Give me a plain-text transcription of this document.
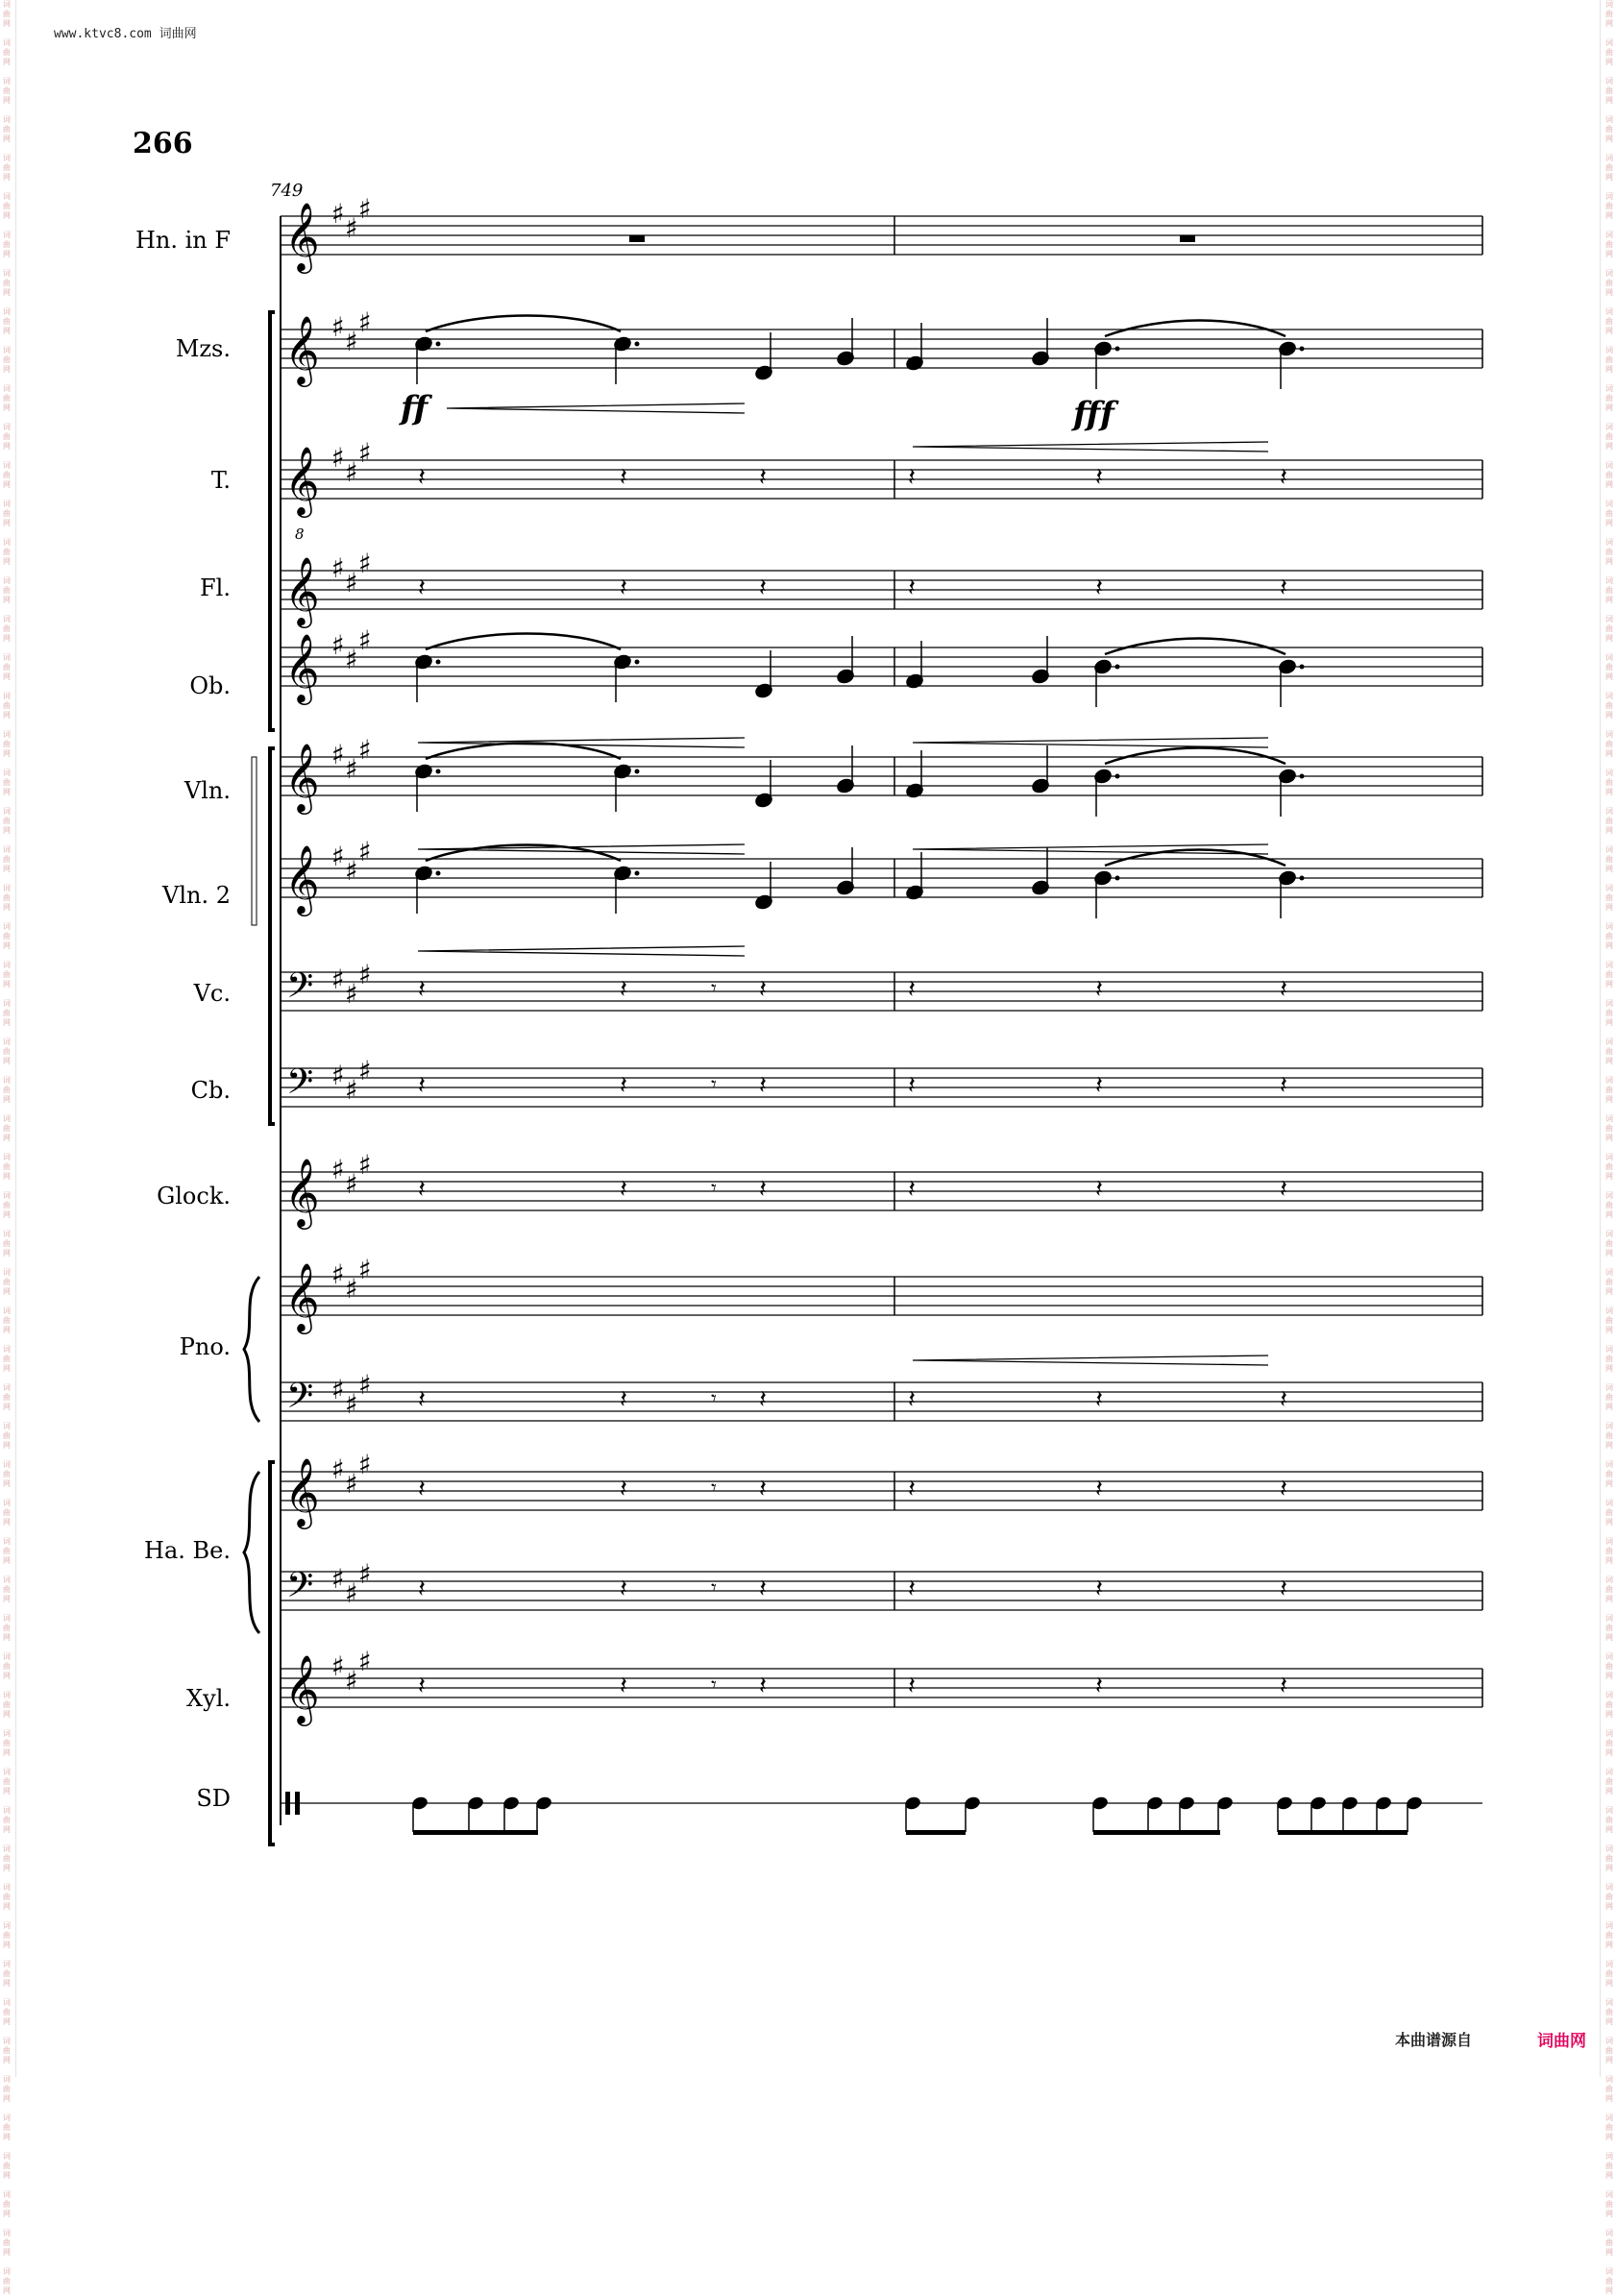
词
曲
网

词
曲
网

词
曲
网

词
曲
网

词
曲
网

词
曲
网

词
曲
网

词
曲
网

词
曲
网

词
曲
网

词
曲
网

词
曲
网

词
曲
网

词
曲
网

词
曲
网

词
曲
网

词
曲
网

词
曲
网

词
曲
网

词
曲
网

词
曲
网

词
曲
网

词
曲
网

词
曲
网

词
曲
网

词
曲
网

词
曲
网

词
曲
网

词
曲
网

词
曲
网

词
曲
网

词
曲
网

词
曲
网

词
曲
网

词
曲
网

词
曲
网

词
曲
网

词
曲
网

词
曲
网

词
曲
网

词
曲
网

词
曲
网

词
曲
网

词
曲
网

词
曲
网

词
曲
网

词
曲
网

词
曲
网

词
曲
网

词
曲
网

词
曲
网

词
曲
网

词
曲
网

词
曲
网

词
曲
网

词
曲
网

词
曲
网

词
曲
网

词
曲
网

词
曲
网

词
曲
网

词
曲
网

词
曲
网

词
曲
网

词
曲
网

词
曲
网

词
曲
网

词
曲
网

词
曲
网

词
曲
网

词
曲
网

词
曲
网

词
曲
网

词
曲
网

词
曲
网

词
曲
网

词
曲
网

词
曲
网

词
曲
网

词
曲
网

词
曲
网

词
曲
网

词
曲
网

词
曲
网

词
曲
网

词
曲
网

词
曲
网

词
曲
网

词
曲
网

词
曲
网

词
曲
网

词
曲
网

词
曲
网

词
曲
网

词
曲
网

词
曲
网

词
曲
网

词
曲
网

词
曲
网

词
曲
网

词
曲
网

词
曲
网

词
曲
网

词
曲
网

词
曲
网

词
曲
网

词
曲
网

词
曲
网

词
曲
网

词
曲
网

词
曲
网

词
曲
网

词
曲
网

词
曲
网

词
曲
网

词
曲
网

词
曲
网

词
曲
网

词
曲
网

词
曲
网

www.ktvc8.com 词曲网
266
749
Hn. in F
Mzs.
T.
Fl.
Ob.
Vln.
Vln. 2
Vc.
Cb.
Glock.
Pno.
Ha. Be.
Xyl.
SD
𝄞 ♯ ♯
♯
𝄞 ♯ ♯
♯
𝄞
8
♯ ♯
♯
𝄞 ♯ ♯
♯
𝄞 ♯ ♯
♯
𝄞 ♯ ♯
♯
𝄞 ♯ ♯
♯
𝄢 ♯ ♯
♯
𝄢 ♯ ♯
♯
𝄞 ♯ ♯
♯
𝄞 ♯ ♯
♯
𝄢 ♯ ♯
♯
𝄞 ♯ ♯
♯
𝄢 ♯ ♯
♯
𝄞 ♯ ♯
♯
𝄽	𝄽	𝄽	𝄽	𝄽	𝄽
𝄽	𝄽	𝄽	𝄽	𝄽	𝄽
𝄽	𝄽	𝄽	𝄽	𝄽	𝄽
𝄾
𝄽	𝄽	𝄽	𝄽	𝄽	𝄽
𝄾
𝄽	𝄽	𝄽	𝄽	𝄽	𝄽
𝄾
𝄽	𝄽	𝄽	𝄽	𝄽	𝄽
𝄾
𝄽	𝄽	𝄽	𝄽	𝄽	𝄽
𝄾
𝄽	𝄽	𝄽	𝄽	𝄽	𝄽
𝄾
𝄽	𝄽	𝄽	𝄽	𝄽	𝄽
𝄾
ff	fff
本曲谱源自	词曲网
